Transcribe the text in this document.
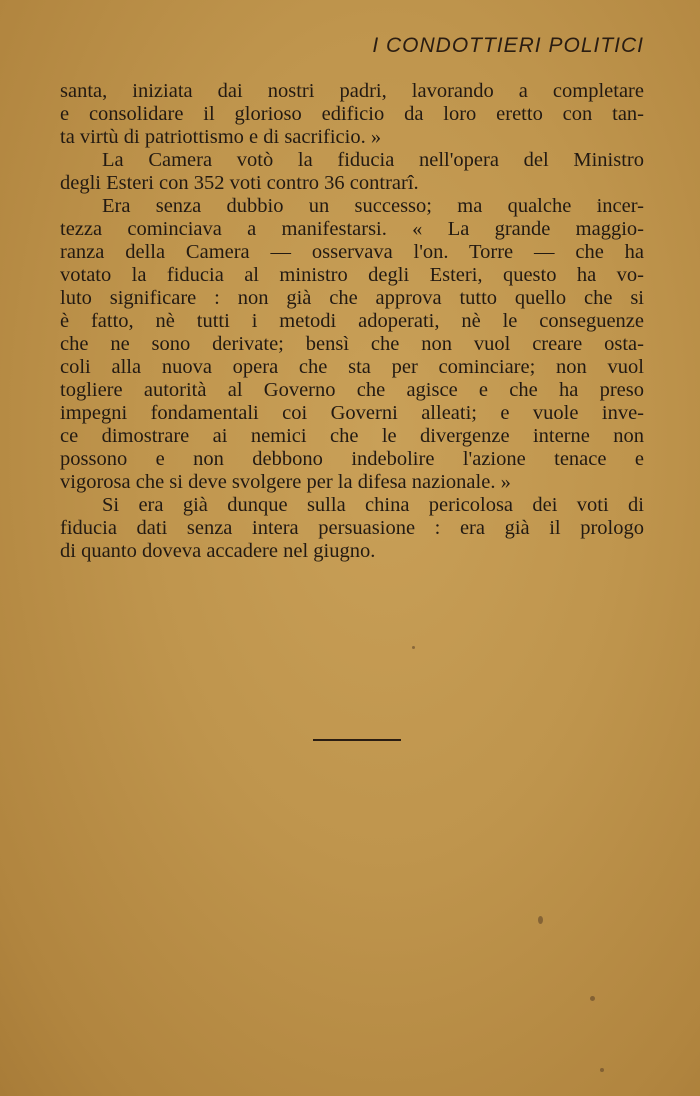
I CONDOTTIERI POLITICI
santa, iniziata dai nostri padri, lavorando a completare
e consolidare il glorioso edificio da loro eretto con tan-
ta virtù di patriottismo e di sacrificio. »
La Camera votò la fiducia nell'opera del Ministro
degli Esteri con 352 voti contro 36 contrarî.
Era senza dubbio un successo; ma qualche incer-
tezza cominciava a manifestarsi. « La grande maggio-
ranza della Camera — osservava l'on. Torre — che ha
votato la fiducia al ministro degli Esteri, questo ha vo-
luto significare : non già che approva tutto quello che si
è fatto, nè tutti i metodi adoperati, nè le conseguenze
che ne sono derivate; bensì che non vuol creare osta-
coli alla nuova opera che sta per cominciare; non vuol
togliere autorità al Governo che agisce e che ha preso
impegni fondamentali coi Governi alleati; e vuole inve-
ce dimostrare ai nemici che le divergenze interne non
possono e non debbono indebolire l'azione tenace e
vigorosa che si deve svolgere per la difesa nazionale. »
Si era già dunque sulla china pericolosa dei voti di
fiducia dati senza intera persuasione : era già il prologo
di quanto doveva accadere nel giugno.
